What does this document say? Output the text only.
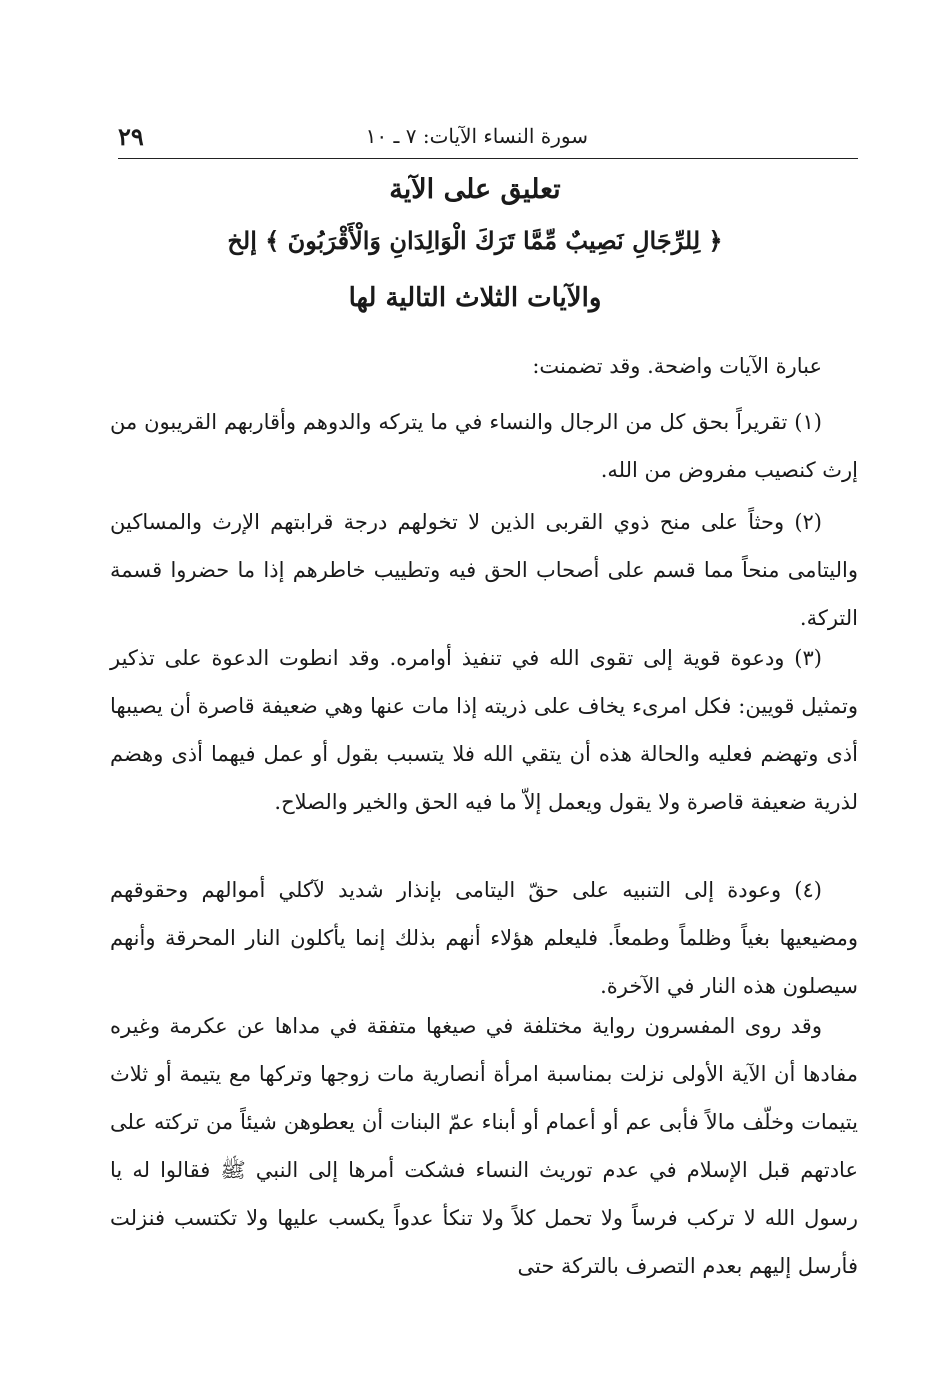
سورة النساء الآيات: ٧ ـ ١٠
٢٩
تعليق على الآية
﴿ لِلرِّجَالِ نَصِيبٌ مِّمَّا تَرَكَ الْوَالِدَانِ وَالْأَقْرَبُونَ ﴾ إلخ
والآيات الثلاث التالية لها

عبارة الآيات واضحة. وقد تضمنت:

(١) تقريراً بحق كل من الرجال والنساء في ما يتركه والدوهم وأقاربهم القريبون من إرث كنصيب مفروض من الله.

(٢) وحثاً على منح ذوي القربى الذين لا تخولهم درجة قرابتهم الإرث والمساكين واليتامى منحاً مما قسم على أصحاب الحق فيه وتطييب خاطرهم إذا ما حضروا قسمة التركة.

(٣) ودعوة قوية إلى تقوى الله في تنفيذ أوامره. وقد انطوت الدعوة على تذكير وتمثيل قويين: فكل امرىء يخاف على ذريته إذا مات عنها وهي ضعيفة قاصرة أن يصيبها أذى وتهضم فعليه والحالة هذه أن يتقي الله فلا يتسبب بقول أو عمل فيهما أذى وهضم لذرية ضعيفة قاصرة ولا يقول ويعمل إلاّ ما فيه الحق والخير والصلاح.

(٤) وعودة إلى التنبيه على حقّ اليتامى بإنذار شديد لآكلي أموالهم وحقوقهم ومضيعيها بغياً وظلماً وطمعاً. فليعلم هؤلاء أنهم بذلك إنما يأكلون النار المحرقة وأنهم سيصلون هذه النار في الآخرة.

وقد روى المفسرون رواية مختلفة في صيغها متفقة في مداها عن عكرمة وغيره مفادها أن الآية الأولى نزلت بمناسبة امرأة أنصارية مات زوجها وتركها مع يتيمة أو ثلاث يتيمات وخلّف مالاً فأبى عم أو أعمام أو أبناء عمّ البنات أن يعطوهن شيئاً من تركته على عادتهم قبل الإسلام في عدم توريث النساء فشكت أمرها إلى النبي ﷺ فقالوا له يا رسول الله لا تركب فرساً ولا تحمل كلاً ولا تنكأ عدواً يكسب عليها ولا تكتسب فنزلت فأرسل إليهم بعدم التصرف بالتركة حتى
